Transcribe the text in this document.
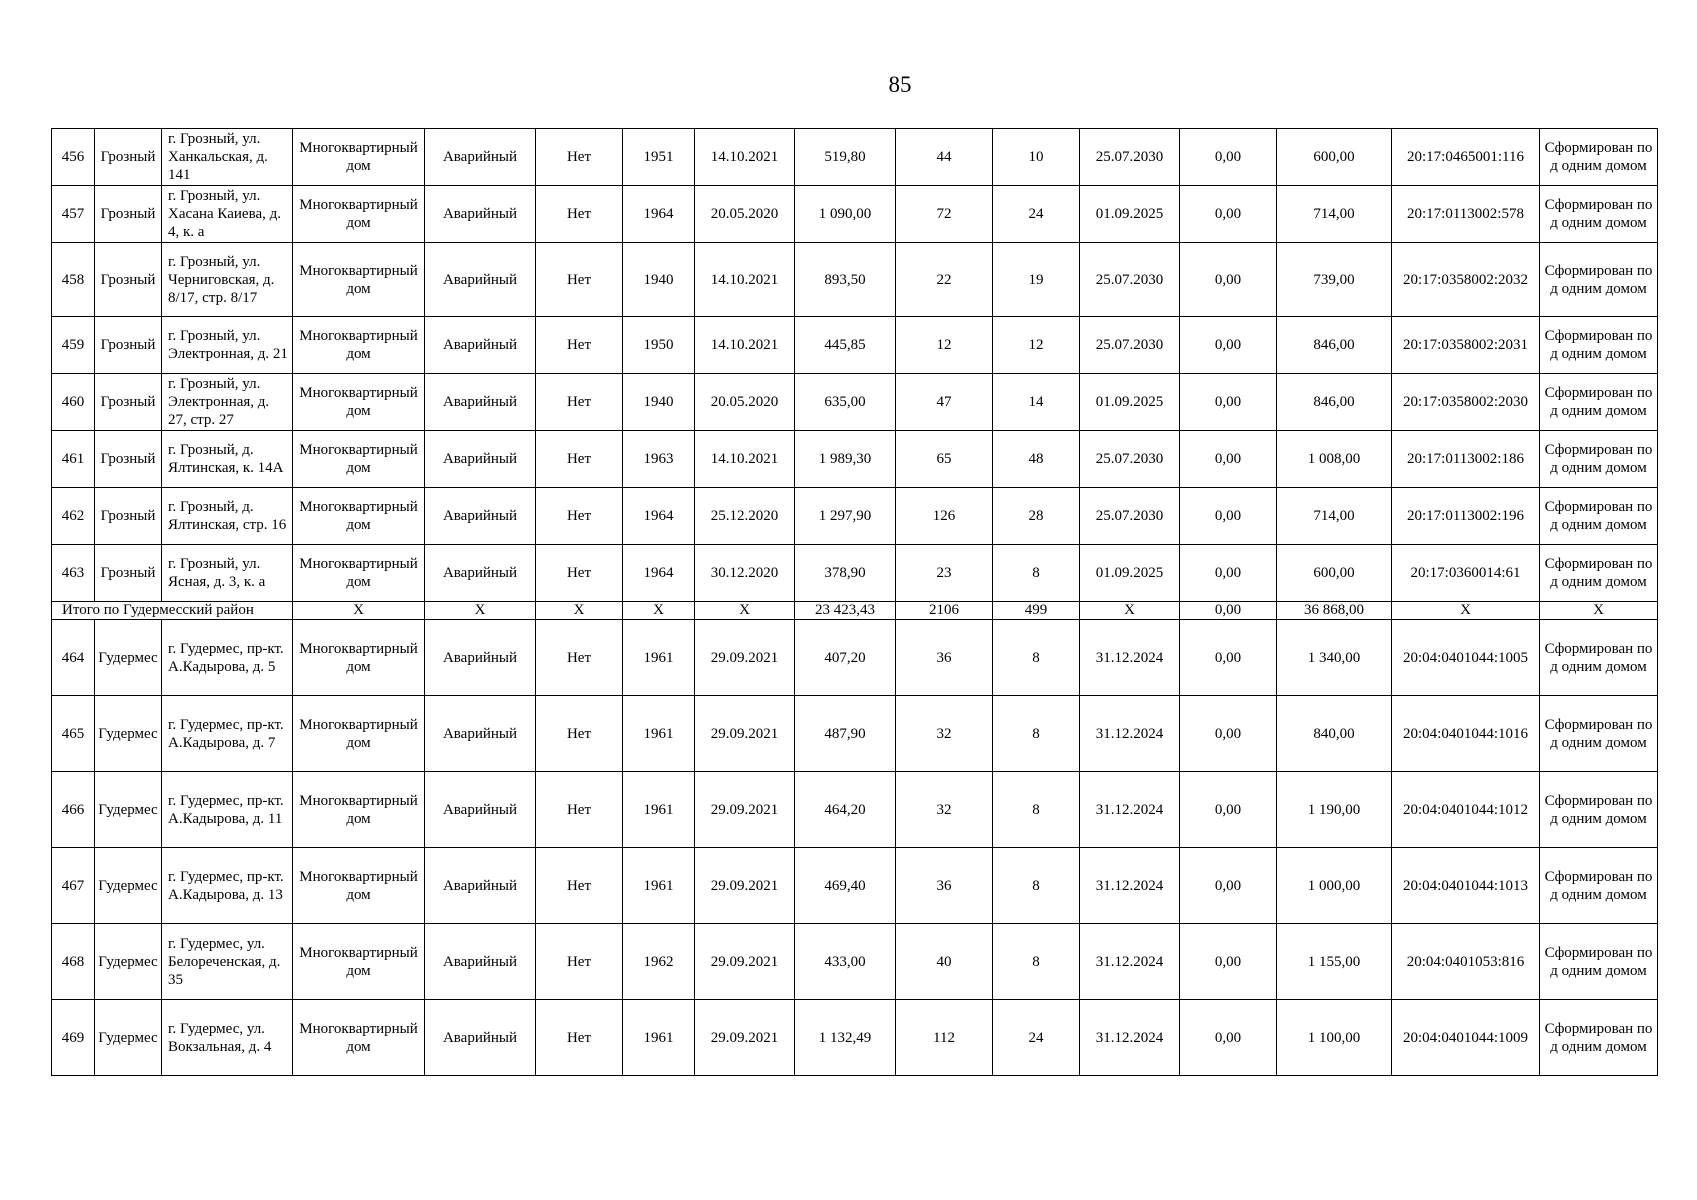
85
456	Грозный	г. Грозный, ул. Ханкальская, д. 141	Многоквартирный дом	Аварийный	Нет	1951	14.10.2021	519,80	44	10	25.07.2030	0,00	600,00	20:17:0465001:116	Сформирован под одним домом
457	Грозный	г. Грозный, ул. Хасана Каиева, д. 4, к. а	Многоквартирный дом	Аварийный	Нет	1964	20.05.2020	1 090,00	72	24	01.09.2025	0,00	714,00	20:17:0113002:578	Сформирован под одним домом
458	Грозный	г. Грозный, ул. Черниговская, д. 8/17, стр. 8/17	Многоквартирный дом	Аварийный	Нет	1940	14.10.2021	893,50	22	19	25.07.2030	0,00	739,00	20:17:0358002:2032	Сформирован под одним домом
459	Грозный	г. Грозный, ул. Электронная, д. 21	Многоквартирный дом	Аварийный	Нет	1950	14.10.2021	445,85	12	12	25.07.2030	0,00	846,00	20:17:0358002:2031	Сформирован под одним домом
460	Грозный	г. Грозный, ул. Электронная, д. 27, стр. 27	Многоквартирный дом	Аварийный	Нет	1940	20.05.2020	635,00	47	14	01.09.2025	0,00	846,00	20:17:0358002:2030	Сформирован под одним домом
461	Грозный	г. Грозный, д. Ялтинская, к. 14А	Многоквартирный дом	Аварийный	Нет	1963	14.10.2021	1 989,30	65	48	25.07.2030	0,00	1 008,00	20:17:0113002:186	Сформирован под одним домом
462	Грозный	г. Грозный, д. Ялтинская, стр. 16	Многоквартирный дом	Аварийный	Нет	1964	25.12.2020	1 297,90	126	28	25.07.2030	0,00	714,00	20:17:0113002:196	Сформирован под одним домом
463	Грозный	г. Грозный, ул. Ясная, д. 3, к. а	Многоквартирный дом	Аварийный	Нет	1964	30.12.2020	378,90	23	8	01.09.2025	0,00	600,00	20:17:0360014:61	Сформирован под одним домом
Итого по Гудермесский район			X	X	X	X	X	23 423,43	2106	499	X	0,00	36 868,00	X	X
464	Гудермес	г. Гудермес, пр-кт. А.Кадырова, д. 5	Многоквартирный дом	Аварийный	Нет	1961	29.09.2021	407,20	36	8	31.12.2024	0,00	1 340,00	20:04:0401044:1005	Сформирован под одним домом
465	Гудермес	г. Гудермес, пр-кт. А.Кадырова, д. 7	Многоквартирный дом	Аварийный	Нет	1961	29.09.2021	487,90	32	8	31.12.2024	0,00	840,00	20:04:0401044:1016	Сформирован под одним домом
466	Гудермес	г. Гудермес, пр-кт. А.Кадырова, д. 11	Многоквартирный дом	Аварийный	Нет	1961	29.09.2021	464,20	32	8	31.12.2024	0,00	1 190,00	20:04:0401044:1012	Сформирован под одним домом
467	Гудермес	г. Гудермес, пр-кт. А.Кадырова, д. 13	Многоквартирный дом	Аварийный	Нет	1961	29.09.2021	469,40	36	8	31.12.2024	0,00	1 000,00	20:04:0401044:1013	Сформирован под одним домом
468	Гудермес	г. Гудермес, ул. Белореченская, д. 35	Многоквартирный дом	Аварийный	Нет	1962	29.09.2021	433,00	40	8	31.12.2024	0,00	1 155,00	20:04:0401053:816	Сформирован под одним домом
469	Гудермес	г. Гудермес, ул. Вокзальная, д. 4	Многоквартирный дом	Аварийный	Нет	1961	29.09.2021	1 132,49	112	24	31.12.2024	0,00	1 100,00	20:04:0401044:1009	Сформирован под одним домом
